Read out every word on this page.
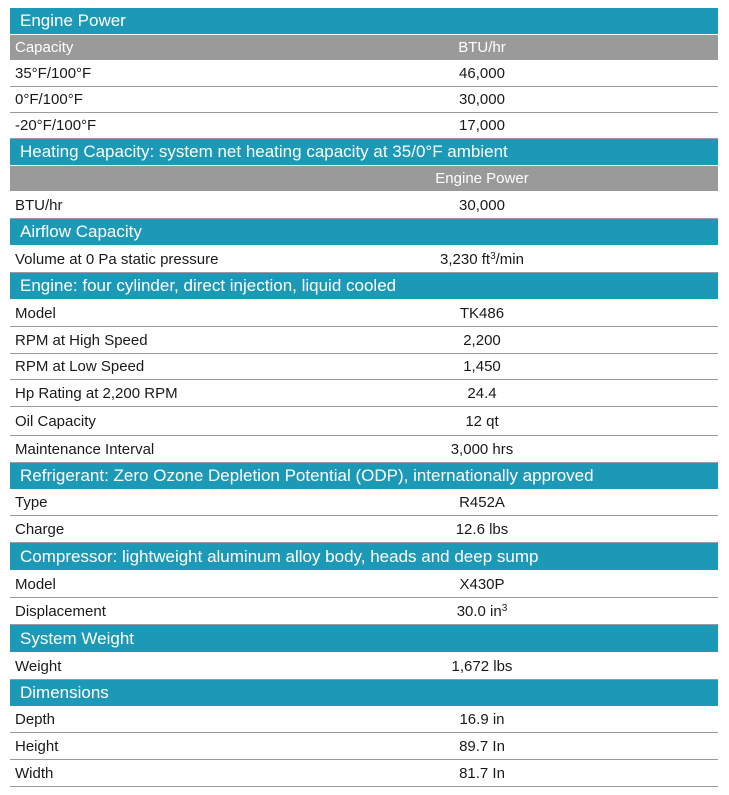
Engine Power
Capacity	BTU/hr
35°F/100°F	46,000
0°F/100°F	30,000
-20°F/100°F	17,000
Heating Capacity: system net heating capacity at 35/0°F ambient
Engine Power
BTU/hr	30,000
Airflow Capacity
Volume at 0 Pa static pressure	3,230 $ft^3/\min$
Engine: four cylinder, direct injection, liquid cooled
Model	TK486
RPM at High Speed	2,200
RPM at Low Speed	1,450
Hp Rating at 2,200 RPM	24.4
Oil Capacity	12 qt
Maintenance Interval	3,000 hrs
Refrigerant: Zero Ozone Depletion Potential (ODP), internationally approved
Type	R452A
Charge	12.6 lbs
Compressor: lightweight aluminum alloy body, heads and deep sump
Model	X430P
Displacement	30.0 $in^3$
System Weight
Weight	1,672 lbs
Dimensions
Depth	16.9 in
Height	89.7 In
Width	81.7 In
